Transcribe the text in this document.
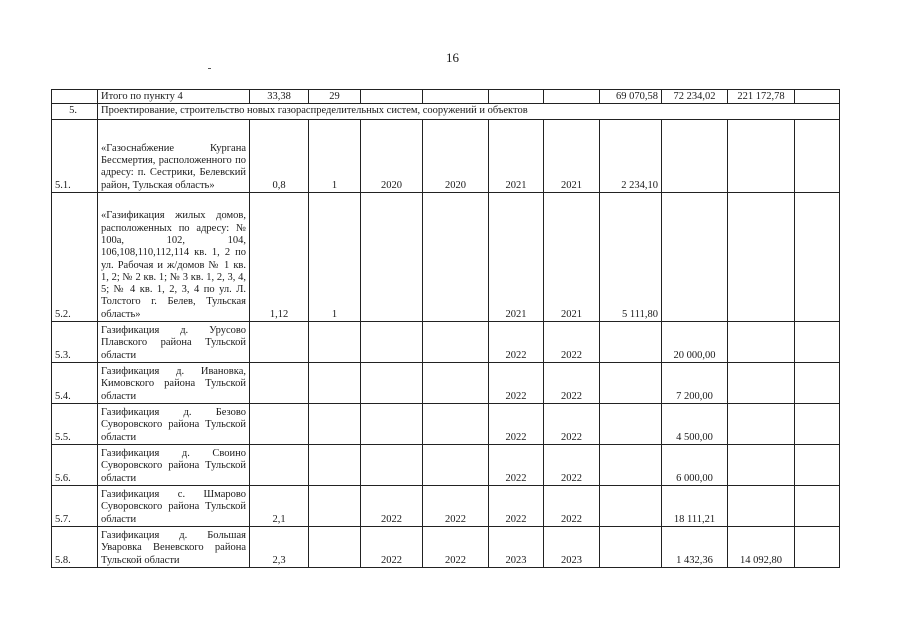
16
	Итого по пункту 4	33,38	29					69 070,58	72 234,02	221 172,78	
5.	Проектирование, строительство новых газораспределительных систем, сооружений и объектов										
5.1.	«Газоснабжение Кургана Бессмертия, расположенного по адресу: п. Сестрики, Белевский район, Тульская область»	0,8	1	2020	2020	2021	2021	2 234,10			
5.2.	«Газификация жилых домов, расположенных по адресу: № 100а, 102, 104, 106,108,110,112,114 кв. 1, 2 по ул. Рабочая и ж/домов № 1 кв. 1, 2; № 2 кв. 1; № 3 кв. 1, 2, 3, 4, 5; № 4 кв. 1, 2, 3, 4 по ул. Л. Толстого г. Белев, Тульская область»	1,12	1			2021	2021	5 111,80			
5.3.	Газификация д. Урусово Плавского района Тульской области					2022	2022		20 000,00		
5.4.	Газификация д. Ивановка, Кимовского района Тульской области					2022	2022		7 200,00		
5.5.	Газификация д. Безово Суворовского района Тульской области					2022	2022		4 500,00		
5.6.	Газификация д. Своино Суворовского района Тульской области					2022	2022		6 000,00		
5.7.	Газификация с. Шмарово Суворовского района Тульской области	2,1		2022	2022	2022	2022		18 111,21		
5.8.	Газификация д. Большая Уваровка Веневского района Тульской области	2,3		2022	2022	2023	2023		1 432,36	14 092,80	
